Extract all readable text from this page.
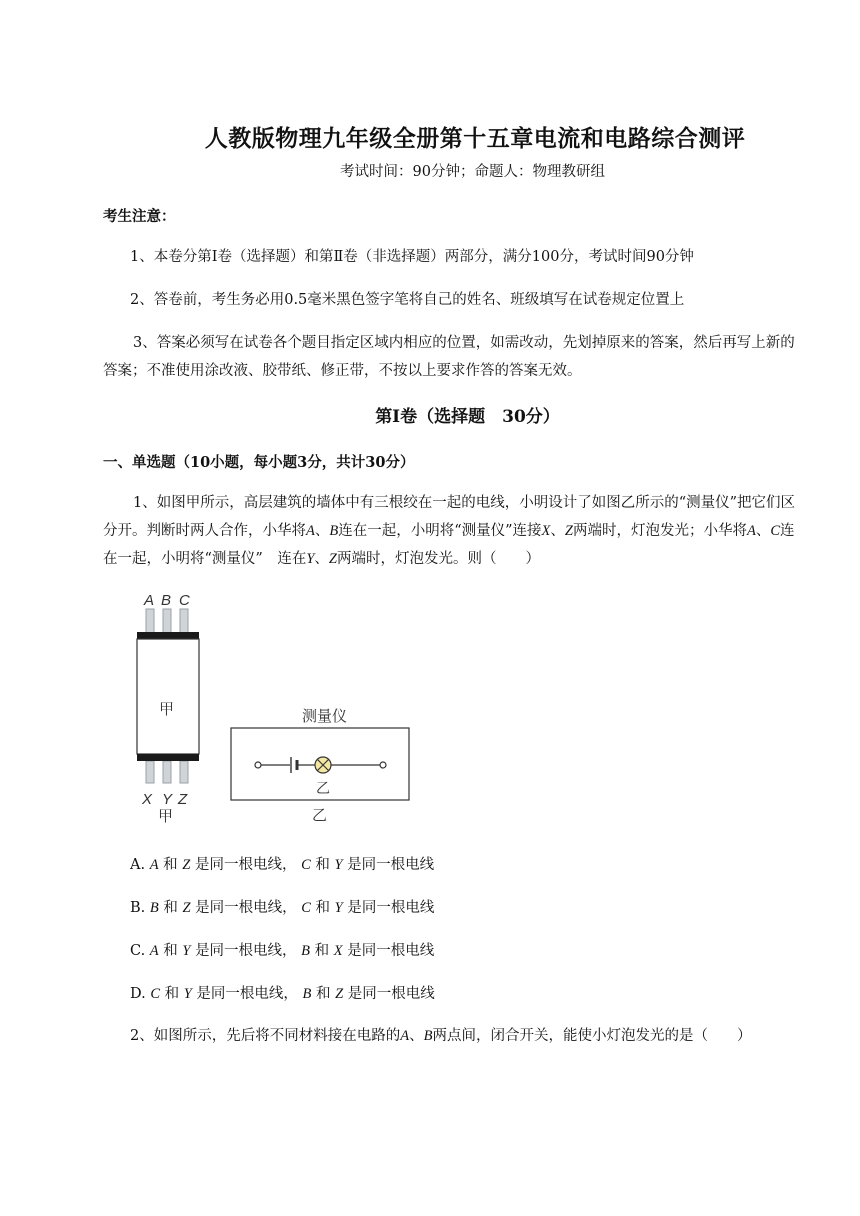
人教版物理九年级全册第十五章电流和电路综合测评
考试时间：90分钟；命题人：物理教研组
考生注意：
1、本卷分第Ⅰ卷（选择题）和第Ⅱ卷（非选择题）两部分，满分100分，考试时间90分钟
2、答卷前，考生务必用0.5毫米黑色签字笔将自己的姓名、班级填写在试卷规定位置上
3、答案必须写在试卷各个题目指定区域内相应的位置，如需改动，先划掉原来的答案，然后再写上新的答案；不准使用涂改液、胶带纸、修正带，不按以上要求作答的答案无效。
第Ⅰ卷（选择题　30分）
一、单选题（10小题，每小题3分，共计30分）
1、如图甲所示，高层建筑的墙体中有三根绞在一起的电线，小明设计了如图乙所示的“测量仪”把它们区分开。判断时两人合作，小华将A、B连在一起，小明将“测量仪”连接X、Z两端时，灯泡发光；小华将A、C连在一起，小明将“测量仪”　连在Y、Z两端时，灯泡发光。则（　　）
A B C
甲
X Y Z
甲
测量仪
乙
乙
A. A 和 Z 是同一根电线， C 和 Y 是同一根电线
B. B 和 Z 是同一根电线， C 和 Y 是同一根电线
C. A 和 Y 是同一根电线， B 和 X 是同一根电线
D. C 和 Y 是同一根电线， B 和 Z 是同一根电线
2、如图所示，先后将不同材料接在电路的A、B两点间，闭合开关，能使小灯泡发光的是（　　）
